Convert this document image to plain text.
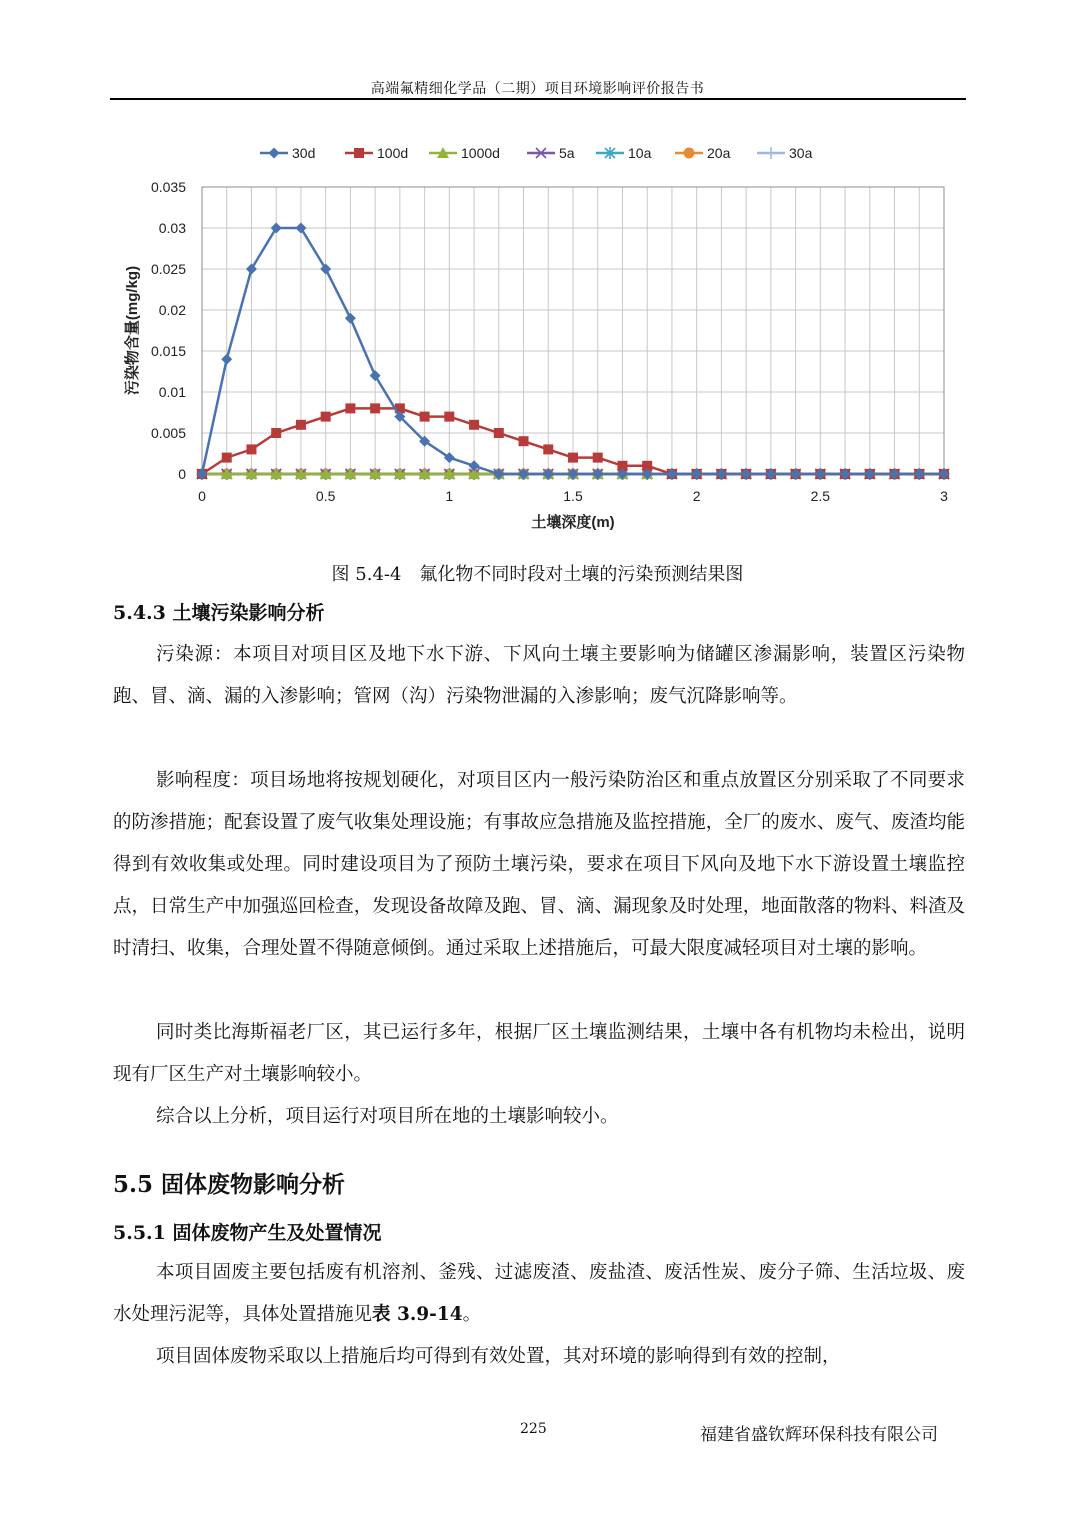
高端氟精细化学品（二期）项目环境影响评价报告书
0	0.5	1	1.5	2	2.5	3
0
0.005
0.01
0.015
0.02
0.025
0.03
0.035
土壤深度(m)
污染物含量(mg/kg)
30d	100d	1000d	5a	10a	20a	30a
图 5.4-4　氟化物不同时段对土壤的污染预测结果图
5.4.3 土壤污染影响分析
污染源：本项目对项目区及地下水下游、下风向土壤主要影响为储罐区渗漏影响，装置区污染物跑、冒、滴、漏的入渗影响；管网（沟）污染物泄漏的入渗影响；废气沉降影响等。
影响程度：项目场地将按规划硬化，对项目区内一般污染防治区和重点放置区分别采取了不同要求的防渗措施；配套设置了废气收集处理设施；有事故应急措施及监控措施，全厂的废水、废气、废渣均能得到有效收集或处理。同时建设项目为了预防土壤污染，要求在项目下风向及地下水下游设置土壤监控点，日常生产中加强巡回检查，发现设备故障及跑、冒、滴、漏现象及时处理，地面散落的物料、料渣及时清扫、收集，合理处置不得随意倾倒。通过采取上述措施后，可最大限度减轻项目对土壤的影响。
同时类比海斯福老厂区，其已运行多年，根据厂区土壤监测结果，土壤中各有机物均未检出，说明现有厂区生产对土壤影响较小。
综合以上分析，项目运行对项目所在地的土壤影响较小。
5.5 固体废物影响分析
5.5.1 固体废物产生及处置情况
本项目固废主要包括废有机溶剂、釜残、过滤废渣、废盐渣、废活性炭、废分子筛、生活垃圾、废水处理污泥等，具体处置措施见表 3.9-14。
项目固体废物采取以上措施后均可得到有效处置，其对环境的影响得到有效的控制，
225	福建省盛钦辉环保科技有限公司
